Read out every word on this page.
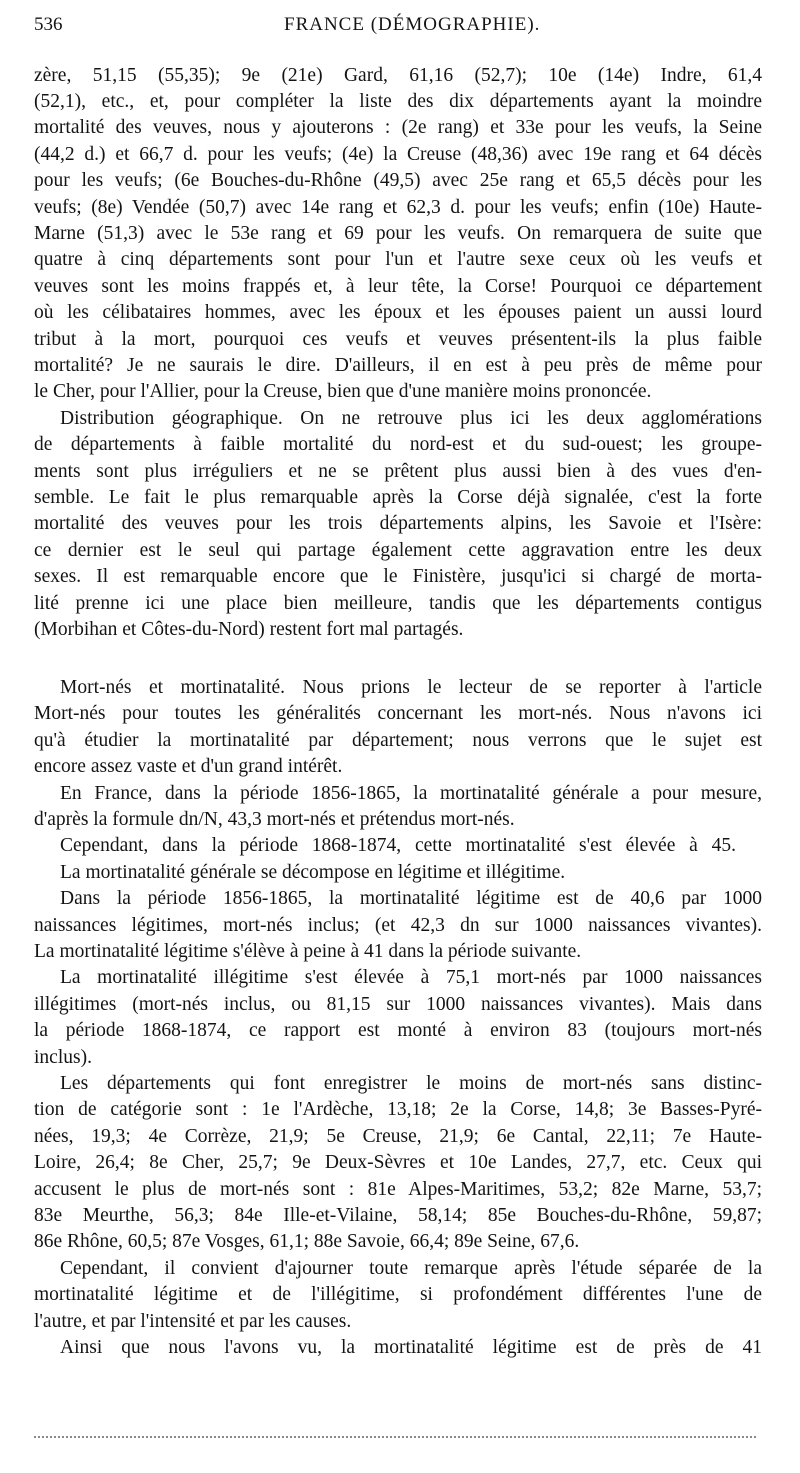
536	FRANCE (DÉMOGRAPHIE).
zère, 51,15 (55,35); 9e (21e) Gard, 61,16 (52,7); 10e (14e) Indre, 61,4
(52,1), etc., et, pour compléter la liste des dix départements ayant la moindre
mortalité des veuves, nous y ajouterons : (2e rang) et 33e pour les veufs, la Seine
(44,2 d.) et 66,7 d. pour les veufs; (4e) la Creuse (48,36) avec 19e rang et 64 décès
pour les veufs; (6e Bouches-du-Rhône (49,5) avec 25e rang et 65,5 décès pour les
veufs; (8e) Vendée (50,7) avec 14e rang et 62,3 d. pour les veufs; enfin (10e) Haute-
Marne (51,3) avec le 53e rang et 69 pour les veufs. On remarquera de suite que
quatre à cinq départements sont pour l'un et l'autre sexe ceux où les veufs et
veuves sont les moins frappés et, à leur tête, la Corse! Pourquoi ce département
où les célibataires hommes, avec les époux et les épouses paient un aussi lourd
tribut à la mort, pourquoi ces veufs et veuves présentent-ils la plus faible
mortalité? Je ne saurais le dire. D'ailleurs, il en est à peu près de même pour
le Cher, pour l'Allier, pour la Creuse, bien que d'une manière moins prononcée.
Distribution géographique. On ne retrouve plus ici les deux agglomérations
de départements à faible mortalité du nord-est et du sud-ouest; les groupe-
ments sont plus irréguliers et ne se prêtent plus aussi bien à des vues d'en-
semble. Le fait le plus remarquable après la Corse déjà signalée, c'est la forte
mortalité des veuves pour les trois départements alpins, les Savoie et l'Isère:
ce dernier est le seul qui partage également cette aggravation entre les deux
sexes. Il est remarquable encore que le Finistère, jusqu'ici si chargé de morta-
lité prenne ici une place bien meilleure, tandis que les départements contigus
(Morbihan et Côtes-du-Nord) restent fort mal partagés.
Mort-nés et mortinatalité. Nous prions le lecteur de se reporter à l'article
Mort-nés pour toutes les généralités concernant les mort-nés. Nous n'avons ici
qu'à étudier la mortinatalité par département; nous verrons que le sujet est
encore assez vaste et d'un grand intérêt.
En France, dans la période 1856-1865, la mortinatalité générale a pour mesure,
d'après la formule dn/N, 43,3 mort-nés et prétendus mort-nés.
Cependant, dans la période 1868-1874, cette mortinatalité s'est élevée à 45.
La mortinatalité générale se décompose en légitime et illégitime.
Dans la période 1856-1865, la mortinatalité légitime est de 40,6 par 1000
naissances légitimes, mort-nés inclus; (et 42,3 dn sur 1000 naissances vivantes).
La mortinatalité légitime s'élève à peine à 41 dans la période suivante.
La mortinatalité illégitime s'est élevée à 75,1 mort-nés par 1000 naissances
illégitimes (mort-nés inclus, ou 81,15 sur 1000 naissances vivantes). Mais dans
la période 1868-1874, ce rapport est monté à environ 83 (toujours mort-nés
inclus).
Les départements qui font enregistrer le moins de mort-nés sans distinc-
tion de catégorie sont : 1e l'Ardèche, 13,18; 2e la Corse, 14,8; 3e Basses-Pyré-
nées, 19,3; 4e Corrèze, 21,9; 5e Creuse, 21,9; 6e Cantal, 22,11; 7e Haute-
Loire, 26,4; 8e Cher, 25,7; 9e Deux-Sèvres et 10e Landes, 27,7, etc. Ceux qui
accusent le plus de mort-nés sont : 81e Alpes-Maritimes, 53,2; 82e Marne, 53,7;
83e Meurthe, 56,3; 84e Ille-et-Vilaine, 58,14; 85e Bouches-du-Rhône, 59,87;
86e Rhône, 60,5; 87e Vosges, 61,1; 88e Savoie, 66,4; 89e Seine, 67,6.
Cependant, il convient d'ajourner toute remarque après l'étude séparée de la
mortinatalité légitime et de l'illégitime, si profondément différentes l'une de
l'autre, et par l'intensité et par les causes.
Ainsi que nous l'avons vu, la mortinatalité légitime est de près de 41
